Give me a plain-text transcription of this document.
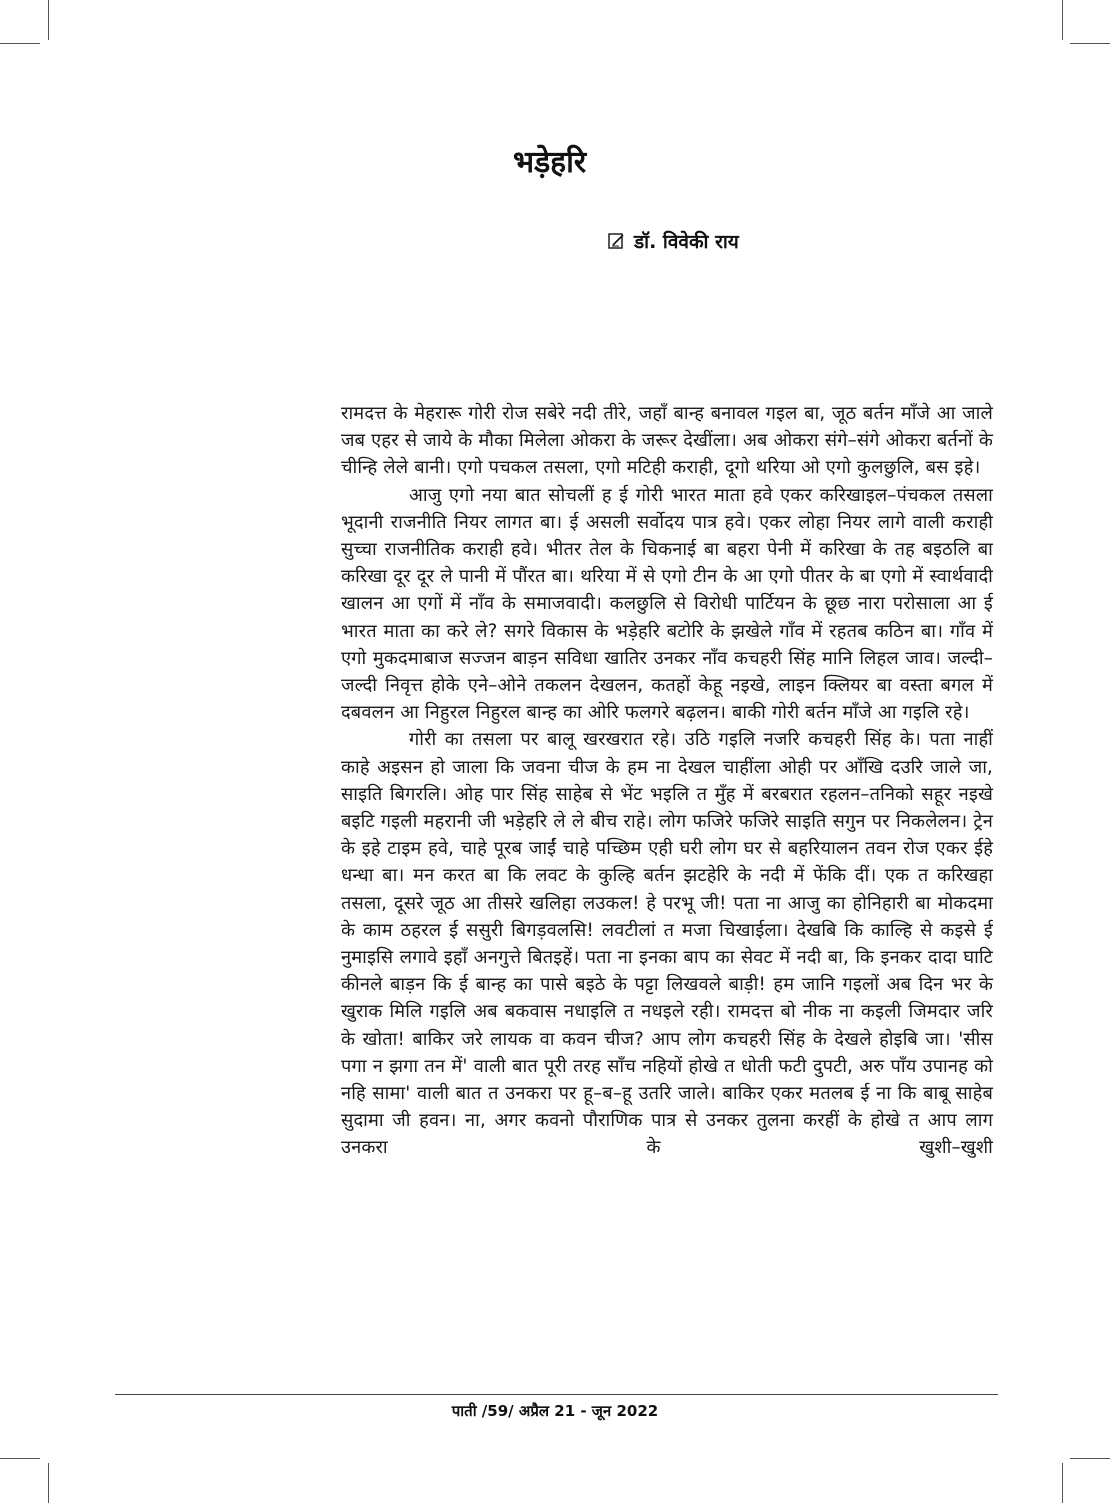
भड़ेहरि
डॉ. विवेकी राय

रामदत्त के मेहरारू गोरी रोज सबेरे नदी तीरे, जहाँ बान्ह बनावल गइल बा, जूठ बर्तन मॉंजे आ जाले जब एहर से जाये के मौका मिलेला ओकरा के जरूर देखींला। अब ओकरा संगे–संगे ओकरा बर्तनों के चीन्हि लेले बानी। एगो पचकल तसला, एगो मटिही कराही, दूगो थरिया ओ एगो कुलछुलि, बस इहे।

आजु एगो नया बात सोचलीं ह ई गोरी भारत माता हवे एकर करिखाइल–पंचकल तसला भूदानी राजनीति नियर लागत बा। ई असली सर्वोदय पात्र हवे। एकर लोहा नियर लागे वाली कराही सुच्चा राजनीतिक कराही हवे। भीतर तेल के चिकनाई बा बहरा पेनी में करिखा के तह बइठलि बा करिखा दूर दूर ले पानी में पौंरत बा। थरिया में से एगो टीन के आ एगो पीतर के बा एगो में स्वार्थवादी खालन आ एगों में नाँव के समाजवादी। कलछुलि से विरोधी पार्टियन के छूछ नारा परोसाला आ ई भारत माता का करे ले? सगरे विकास के भड़ेहरि बटोरि के झखेले गाँव में रहतब कठिन बा। गाँव में एगो मुकदमाबाज सज्जन बाड़न सविधा खातिर उनकर नाँव कचहरी सिंह मानि लिहल जाव। जल्दी–जल्दी निवृत्त होके एने–ओने तकलन देखलन, कतहों केहू नइखे, लाइन क्लियर बा वस्ता बगल में दबवलन आ निहुरल निहुरल बान्ह का ओरि फलगरे बढ़लन। बाकी गोरी बर्तन माँजे आ गइलि रहे।

गोरी का तसला पर बालू खरखरात रहे। उठि गइलि नजरि कचहरी सिंह के। पता नाहीं काहे अइसन हो जाला कि जवना चीज के हम ना देखल चाहींला ओही पर आँखि दउरि जाले जा, साइति बिगरलि। ओह पार सिंह साहेब से भेंट भइलि त मुँह में बरबरात रहलन–तनिको सहूर नइखे बइटि गइली महरानी जी भड़ेहरि ले ले बीच राहे। लोग फजिरे फजिरे साइति सगुन पर निकलेलन। ट्रेन के इहे टाइम हवे, चाहे पूरब जाईं चाहे पच्छिम एही घरी लोग घर से बहरियालन तवन रोज एकर ईहे धन्धा बा। मन करत बा कि लवट के कुल्हि बर्तन झटहेरि के नदी में फेंकि दीं। एक त करिखहा तसला, दूसरे जूठ आ तीसरे खलिहा लउकल! हे परभू जी! पता ना आजु का होनिहारी बा मोकदमा के काम ठहरल ई ससुरी बिगड़वलसि! लवटीलां त मजा चिखाईला। देखबि कि काल्हि से कइसे ई नुमाइसि लगावे इहाँ अनगुत्ते बितइहें। पता ना इनका बाप का सेवट में नदी बा, कि इनकर दादा घाटि कीनले बाड़न कि ई बान्ह का पासे बइठे के पट्टा लिखवले बाड़ी! हम जानि गइलों अब दिन भर के खुराक मिलि गइलि अब बकवास नधाइलि त नधइले रही। रामदत्त बो नीक ना कइली जिमदार जरि के खोता! बाकिर जरे लायक वा कवन चीज? आप लोग कचहरी सिंह के देखले होइबि जा। 'सीस पगा न झगा तन में' वाली बात पूरी तरह साँच नहियों होखे त धोती फटी दुपटी, अरु पाँय उपानह को नहि सामा' वाली बात त उनकरा पर हू–ब–हू उतरि जाले। बाकिर एकर मतलब ई ना कि बाबू साहेब सुदामा जी हवन। ना, अगर कवनो पौराणिक पात्र से उनकर तुलना करहीं के होखे त आप लाग उनकरा के खुशी–खुशी

पाती /59/ अप्रैल 21 - जून 2022
